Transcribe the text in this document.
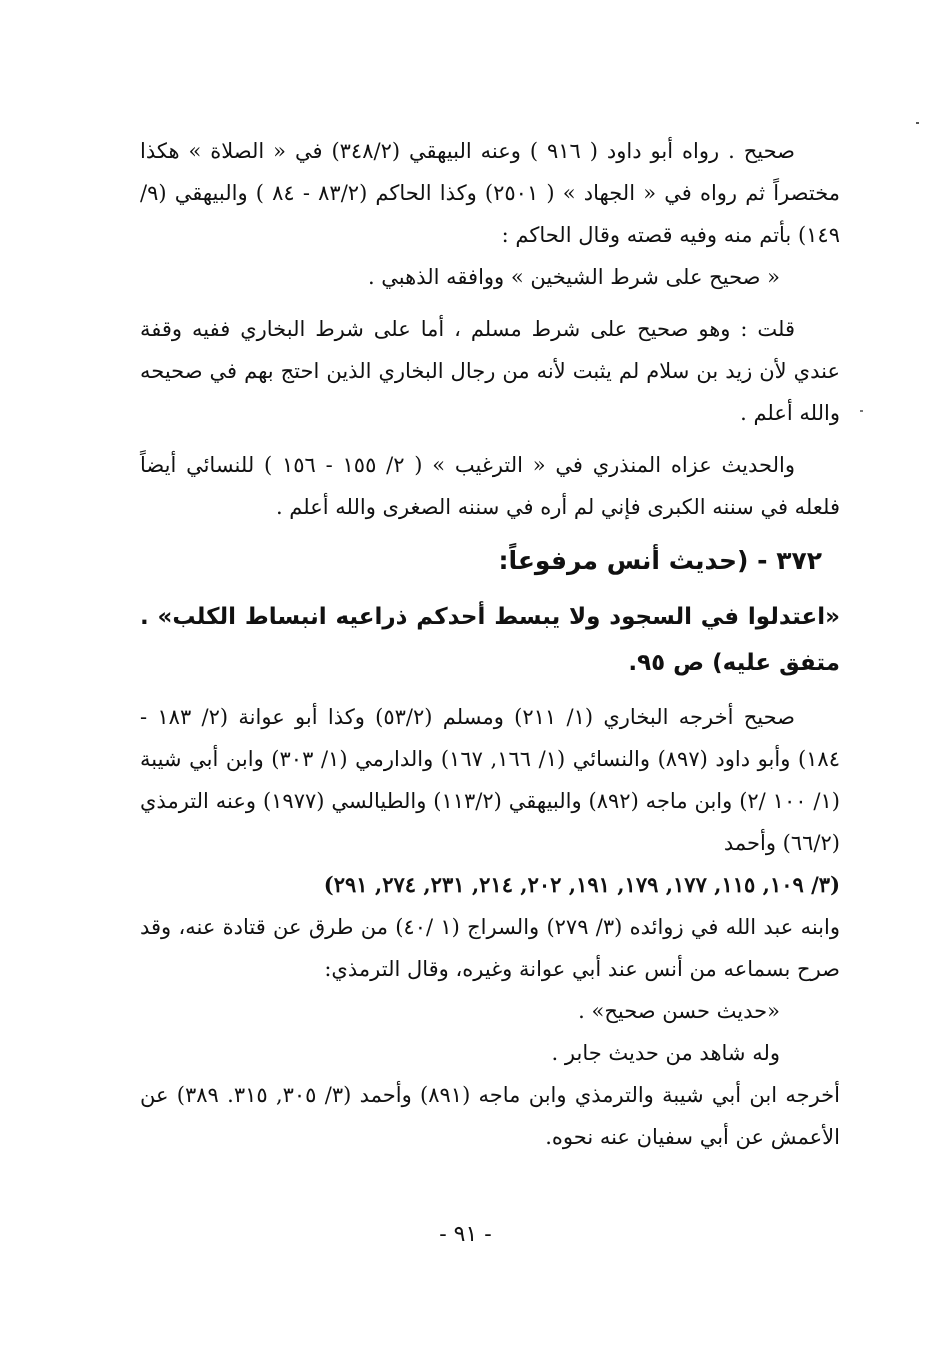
صحيح . رواه أبو داود ( ٩١٦ ) وعنه البيهقي (٣٤٨/٢) في « الصلاة » هكذا مختصراً ثم رواه في « الجهاد » ( ٢٥٠١) وكذا الحاكم (٨٣/٢ - ٨٤ ) والبيهقي (٩/ ١٤٩) بأتم منه وفيه قصته وقال الحاكم :

« صحيح على شرط الشيخين » ووافقه الذهبي .

قلت : وهو صحيح على شرط مسلم ، أما على شرط البخاري ففيه وقفة عندي لأن زيد بن سلام لم يثبت لأنه من رجال البخاري الذين احتج بهم في صحيحه والله أعلم .

والحديث عزاه المنذري في « الترغيب » ( ٢/ ١٥٥ - ١٥٦ ) للنسائي أيضاً فلعله في سننه الكبرى فإني لم أره في سننه الصغرى والله أعلم .

٣٧٢ - (حديث أنس مرفوعاً:

«اعتدلوا في السجود ولا يبسط أحدكم ذراعيه انبساط الكلب» . متفق عليه) ص ٩٥.

صحيح أخرجه البخاري (١/ ٢١١) ومسلم (٥٣/٢) وكذا أبو عوانة (٢/ ١٨٣ - ١٨٤) وأبو داود (٨٩٧) والنسائي (١/ ١٦٦, ١٦٧) والدارمي (١/ ٣٠٣) وابن أبي شيبة (١/ ١٠٠ /٢) وابن ماجه (٨٩٢) والبيهقي (١١٣/٢) والطيالسي (١٩٧٧) وعنه الترمذي (٦٦/٢) وأحمد

(٣/ ١٠٩, ١١٥, ١٧٧, ١٧٩, ١٩١, ٢٠٢, ٢١٤, ٢٣١, ٢٧٤, ٢٩١)

وابنه عبد الله في زوائده (٣/ ٢٧٩) والسراج (١ /٤٠) من طرق عن قتادة عنه، وقد صرح بسماعه من أنس عند أبي عوانة وغيره، وقال الترمذي:

«حديث حسن صحيح» .

وله شاهد من حديث جابر .

أخرجه ابن أبي شيبة والترمذي وابن ماجه (٨٩١) وأحمد (٣/ ٣٠٥, ٣١٥. ٣٨٩) عن الأعمش عن أبي سفيان عنه نحوه.

- ٩١ -
